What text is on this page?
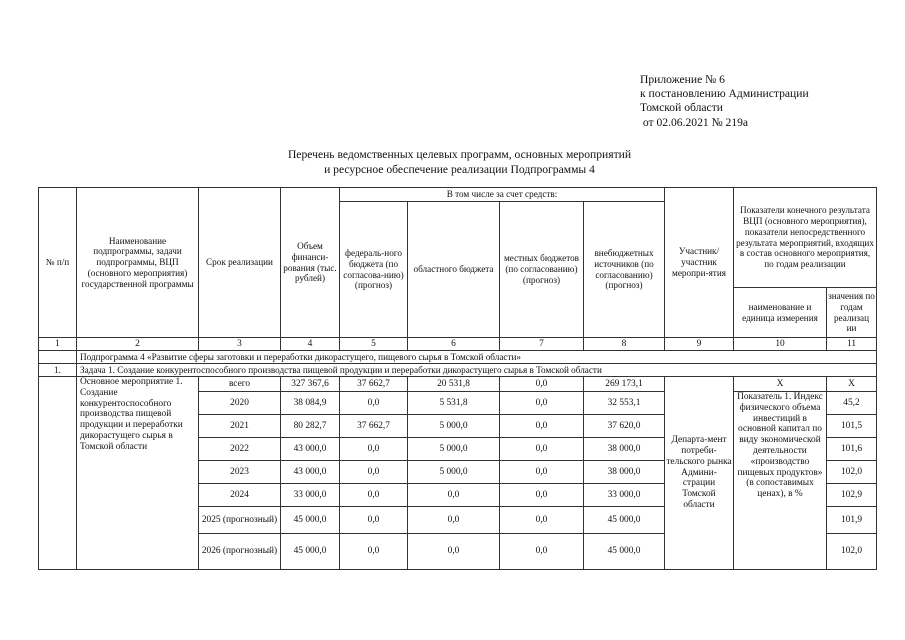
Приложение № 6
к постановлению Администрации
Томской области
от 02.06.2021 № 219а
Перечень ведомственных целевых программ, основных мероприятий
и ресурсное обеспечение реализации Подпрограммы 4
№ п/п	Наименование подпрограммы, задачи подпрограммы, ВЦП (основного мероприятия) государственной программы	Срок реализации	Объем финанси-рования (тыс. рублей)	В том числе за счет средств:				Участник/ участник меропри-ятия	Показатели конечного результата ВЦП (основного мероприятия), показатели непосредственного результата мероприятий, входящих в состав основного мероприятия, по годам реализации	
				федераль-ного бюджета (по согласова-нию) (прогноз)	областного бюджета	местных бюджетов (по согласованию) (прогноз)	внебюджетных источников (по согласованию) (прогноз)			
									наименование и единица измерения	значения по годам реализац ии
1	2	3	4	5	6	7	8	9	10	11
	Подпрограмма 4 «Развитие сферы заготовки и переработки дикорастущего, пищевого сырья в Томской области»									
1.	Задача 1. Создание конкурентоспособного производства пищевой продукции и переработки дикорастущего сырья в Томской области									
	Основное мероприятие 1. Создание конкурентоспособного производства пищевой продукции и переработки дикорастущего сырья в Томской области	всего	327 367,6	37 662,7	20 531,8	0,0	269 173,1	Департа-мент потреби-тельского рынка Админи-страции Томской области	Х	Х
		2020	38 084,9	0,0	5 531,8	0,0	32 553,1		Показатель 1. Индекс физического объема инвестиций в основной капитал по виду экономической деятельности «производство пищевых продуктов» (в сопоставимых ценах), в %	45,2
		2021	80 282,7	37 662,7	5 000,0	0,0	37 620,0			101,5
		2022	43 000,0	0,0	5 000,0	0,0	38 000,0			101,6
		2023	43 000,0	0,0	5 000,0	0,0	38 000,0			102,0
		2024	33 000,0	0,0	0,0	0,0	33 000,0			102,9
		2025 (прогнозный)	45 000,0	0,0	0,0	0,0	45 000,0			101,9
		2026 (прогнозный)	45 000,0	0,0	0,0	0,0	45 000,0			102,0
